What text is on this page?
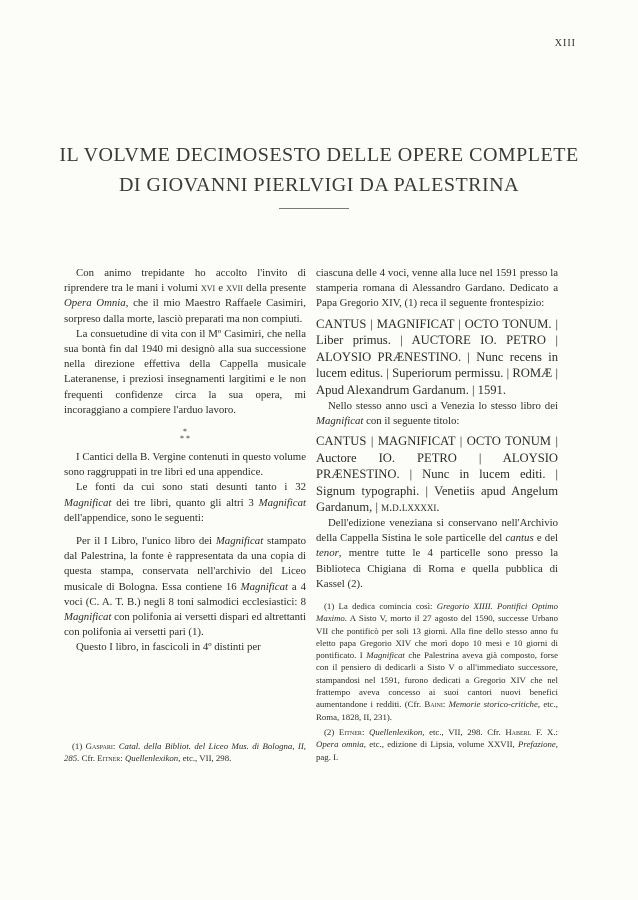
XIII
IL VOLVME DECIMOSESTO DELLE OPERE COMPLETE
DI GIOVANNI PIERLVIGI DA PALESTRINA

Con animo trepidante ho accolto l'invito di riprendere tra le mani i volumi xvi e xvii della presente Opera Omnia, che il mio Maestro Raffaele Casimiri, sorpreso dalla morte, lasciò preparati ma non compiuti.

La consuetudine di vita con il Mº Casimiri, che nella sua bontà fin dal 1940 mi designò alla sua successione nella direzione effettiva della Cappella musicale Lateranense, i preziosi insegnamenti largitimi e le non frequenti confidenze circa la sua opera, mi incoraggiano a compiere l'arduo lavoro.

*
* *

I Cantici della B. Vergine contenuti in questo volume sono raggruppati in tre libri ed una appendice.

Le fonti da cui sono stati desunti tanto i 32 Magnificat dei tre libri, quanto gli altri 3 Magnificat dell'appendice, sono le seguenti:

Per il I Libro, l'unico libro dei Magnificat stampato dal Palestrina, la fonte è rappresentata da una copia di questa stampa, conservata nell'archivio del Liceo musicale di Bologna. Essa contiene 16 Magnificat a 4 voci (C. A. T. B.) negli 8 toni salmodici ecclesiastici: 8 Magnificat con polifonia ai versetti dispari ed altrettanti con polifonia ai versetti pari (1).

Questo I libro, in fascicoli in 4º distinti per

(1) Gaspari: Catal. della Bibliot. del Liceo Mus. di Bologna, II, 285. Cfr. Eitner: Quellenlexikon, etc., VII, 298.

ciascuna delle 4 voci, venne alla luce nel 1591 presso la stamperia romana di Alessandro Gardano. Dedicato a Papa Gregorio XIV, (1) reca il seguente frontespizio:

CANTUS | MAGNIFICAT | OCTO TONUM. | Liber primus. | AUCTORE IO. PETRO | ALOYSIO PRÆNESTINO. | Nunc recens in lucem editus. | Superiorum permissu. | ROMÆ | Apud Alexandrum Gardanum. | 1591.

Nello stesso anno uscì a Venezia lo stesso libro dei Magnificat con il seguente titolo:

CANTUS | MAGNIFICAT | OCTO TONUM | Auctore IO. PETRO | ALOYSIO PRÆNESTINO. | Nunc in lucem editi. | Signum typographi. | Venetiis apud Angelum Gardanum, | m.d.lxxxxi.

Dell'edizione veneziana si conservano nell'Archivio della Cappella Sistina le sole particelle del cantus e del tenor, mentre tutte le 4 particelle sono presso la Biblioteca Chigiana di Roma e quella pubblica di Kassel (2).

(1) La dedica comincia così: Gregorio XIIII. Pontifici Optimo Maximo. A Sisto V, morto il 27 agosto del 1590, successe Urbano VII che pontificò per soli 13 giorni. Alla fine dello stesso anno fu eletto papa Gregorio XIV che morì dopo 10 mesi e 10 giorni di pontificato. I Magnificat che Palestrina aveva già composto, forse con il pensiero di dedicarli a Sisto V o all'immediato successore, stampandosi nel 1591, furono dedicati a Gregorio XIV che nel frattempo aveva concesso ai suoi cantori nuovi benefici aumentandone i redditi. (Cfr. Baini: Memorie storico-critiche, etc., Roma, 1828, II, 231).

(2) Eitner: Quellenlexikon, etc., VII, 298. Cfr. Haberl F. X.: Opera omnia, etc., edizione di Lipsia, volume XXVII, Prefazione, pag. I.
